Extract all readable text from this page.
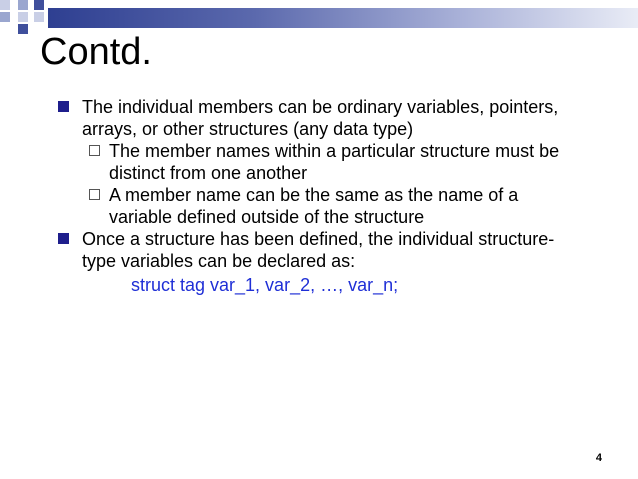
Contd.
The individual members can be ordinary variables, pointers, arrays, or other structures (any data type)
The member names within a particular structure must be distinct from one another
A member name can be the same as the name of a variable defined outside of the structure
Once a structure has been defined, the individual structure-type variables can be declared as:
struct tag var_1, var_2, …, var_n;
4
